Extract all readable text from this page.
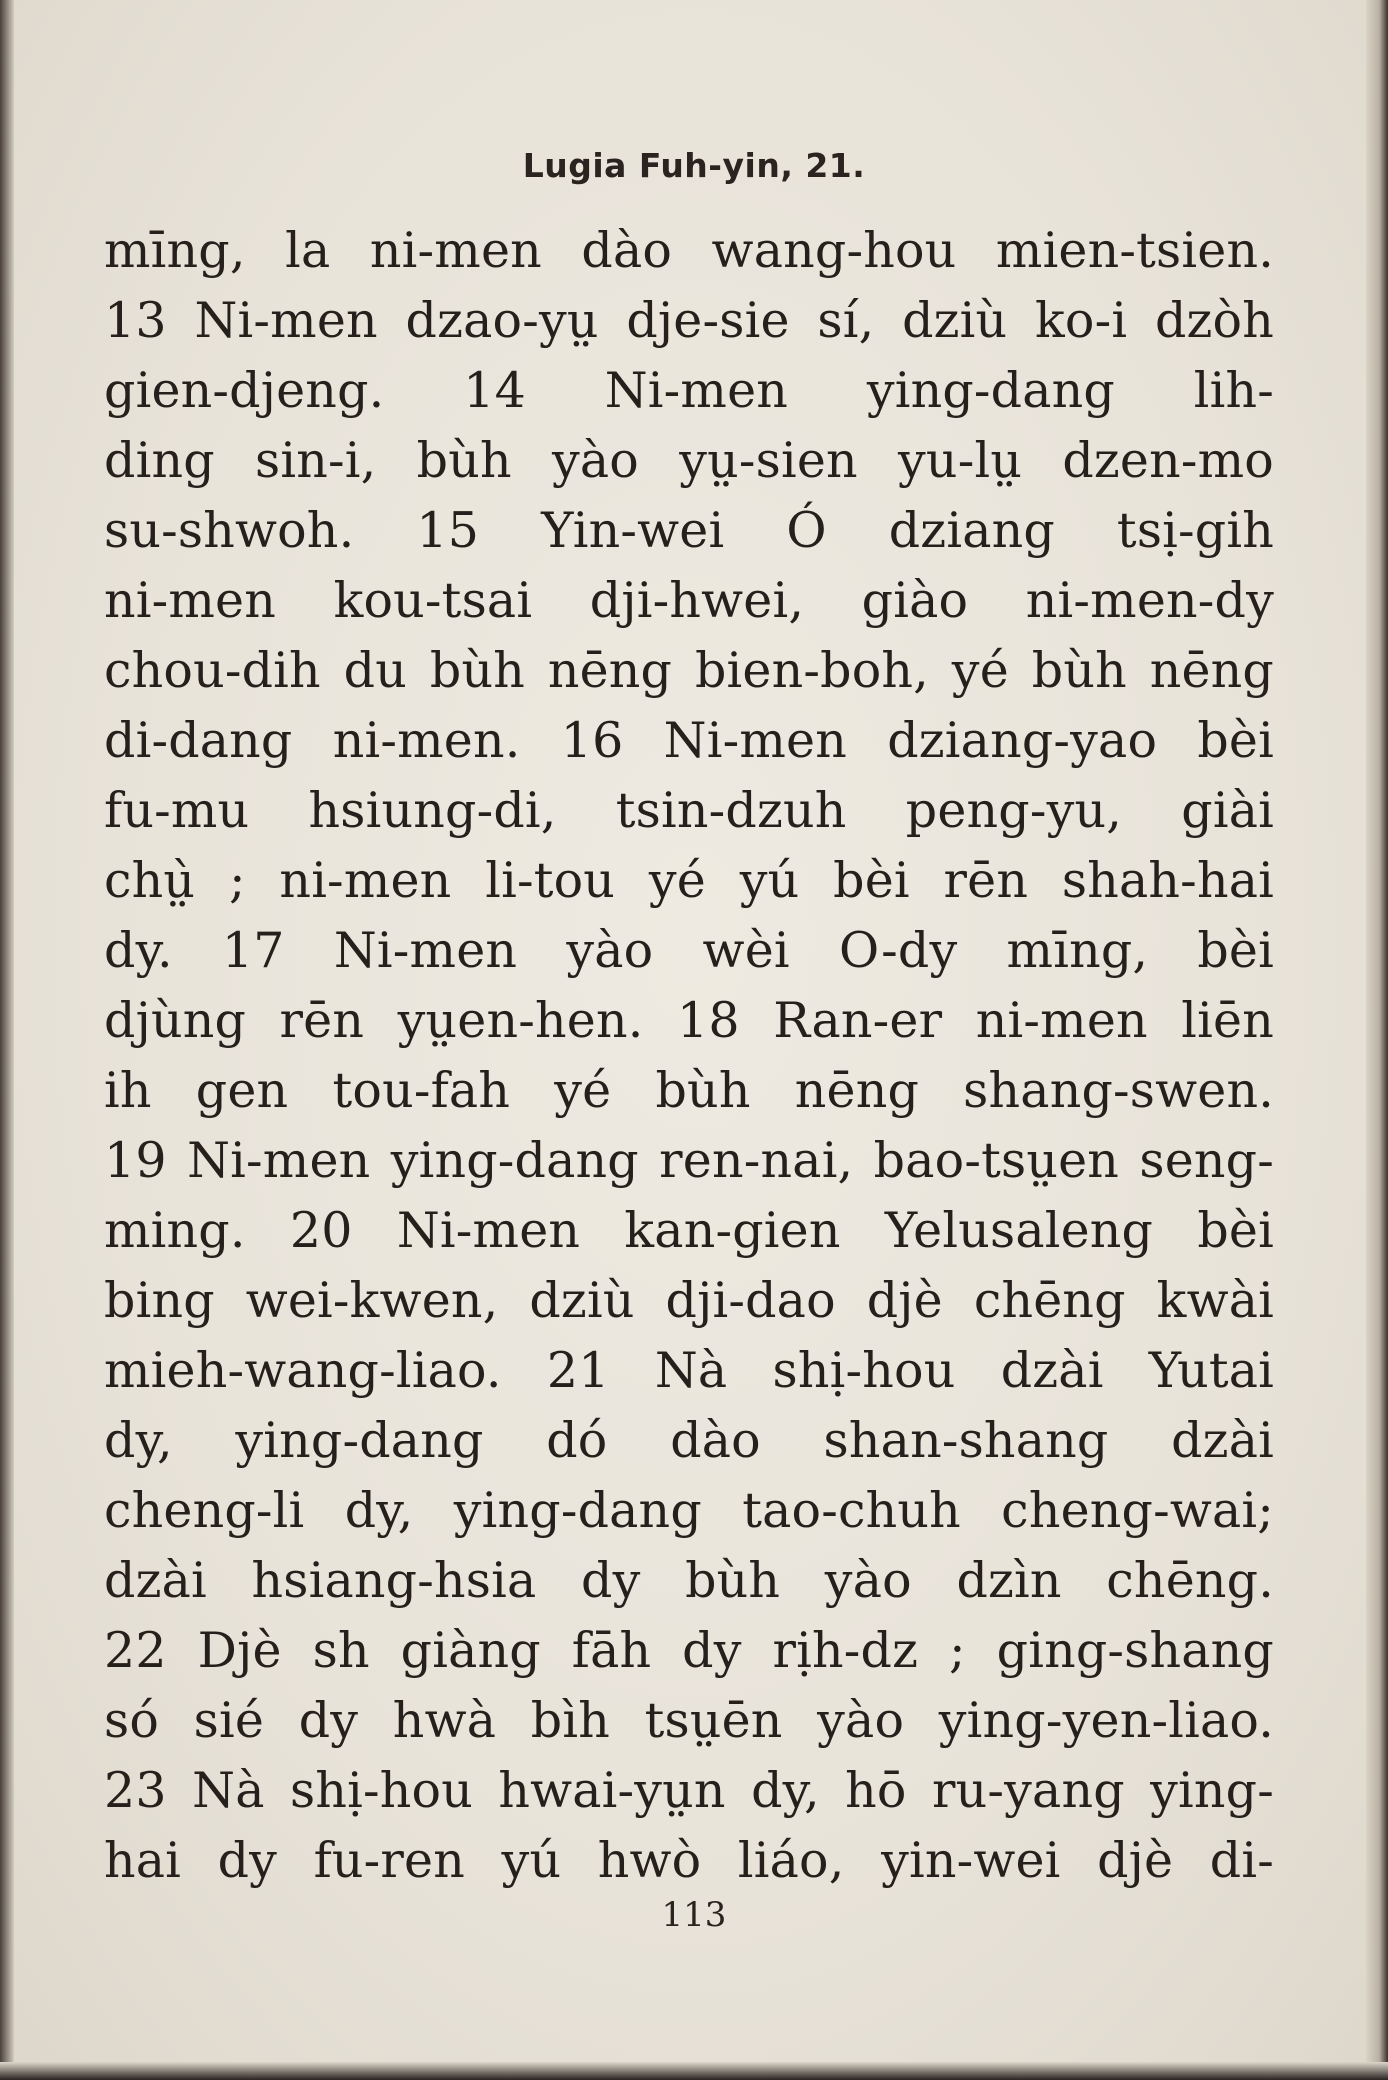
Lugia Fuh-yin, 21.
mīng, la ni-men dào wang-hou mien-tsien.
13 Ni-men dzao-yṳ dje-sie sí, dziù ko-i dzòh
gien-djeng. 14 Ni-men ying-dang lih-
ding sin-i, bùh yào yṳ-sien yu-lṳ dzen-mo
su-shwoh. 15 Yin-wei Ó dziang tsị-gih
ni-men kou-tsai dji-hwei, giào ni-men-dy
chou-dih du bùh nēng bien-boh, yé bùh nēng
di-dang ni-men. 16 Ni-men dziang-yao bèi
fu-mu hsiung-di, tsin-dzuh peng-yu, giài
chṳ̀ ; ni-men li-tou yé yú bèi rēn shah-hai
dy. 17 Ni-men yào wèi O-dy mīng, bèi
djùng rēn yṳen-hen. 18 Ran-er ni-men liēn
ih gen tou-fah yé bùh nēng shang-swen.
19 Ni-men ying-dang ren-nai, bao-tsṳen seng-
ming. 20 Ni-men kan-gien Yelusaleng bèi
bing wei-kwen, dziù dji-dao djè chēng kwài
mieh-wang-liao. 21 Nà shị-hou dzài Yutai
dy, ying-dang dó dào shan-shang dzài
cheng-li dy, ying-dang tao-chuh cheng-wai;
dzài hsiang-hsia dy bùh yào dzìn chēng.
22 Djè sh giàng fāh dy rịh-dz ; ging-shang
só sié dy hwà bìh tsṳēn yào ying-yen-liao.
23 Nà shị-hou hwai-yṳn dy, hō ru-yang ying-
hai dy fu-ren yú hwò liáo, yin-wei djè di-
113
